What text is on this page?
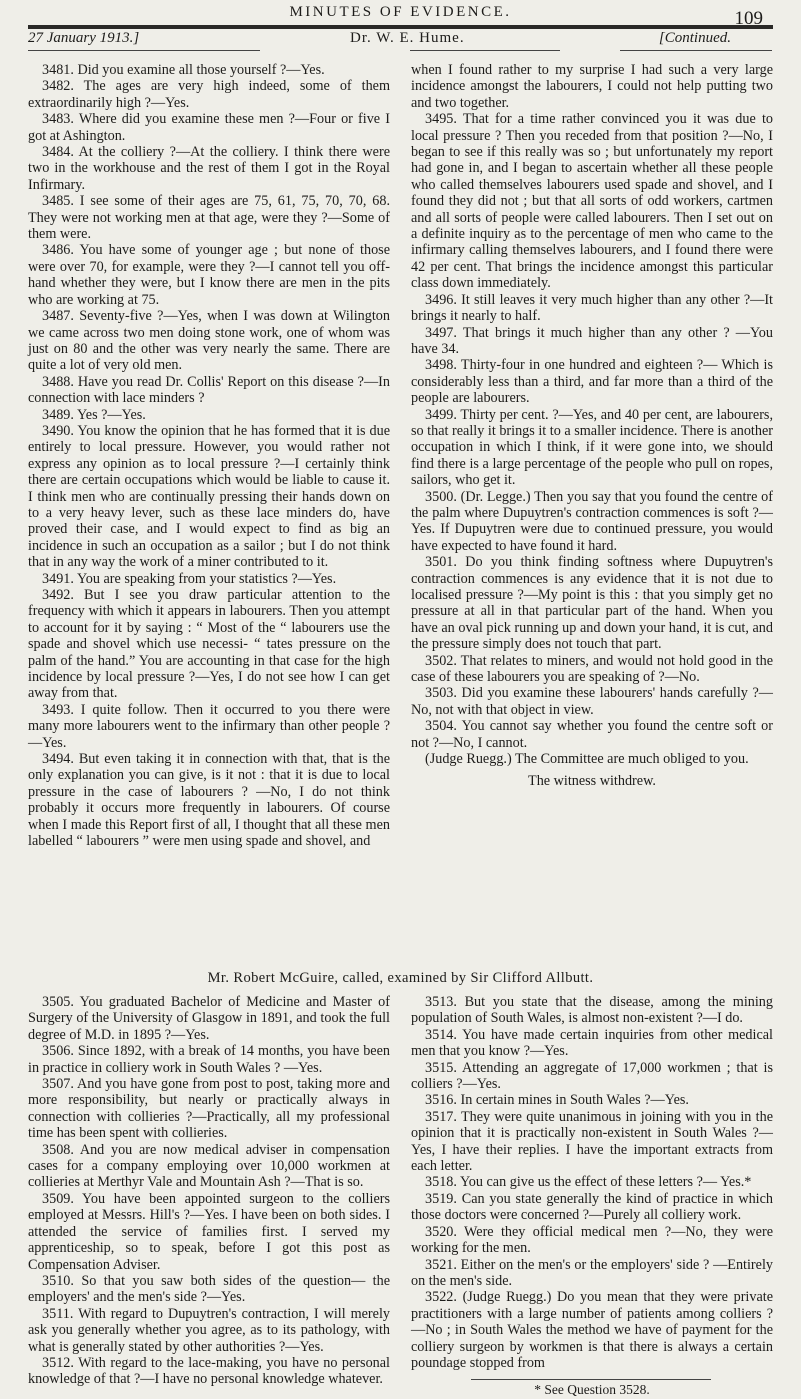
MINUTES OF EVIDENCE.	109
27 January 1913.]	Dr. W. E. Hume.	[Continued.

3481. Did you examine all those yourself ?—Yes.

3482. The ages are very high indeed, some of them extraordinarily high ?—Yes.

3483. Where did you examine these men ?—Four or five I got at Ashington.

3484. At the colliery ?—At the colliery. I think there were two in the workhouse and the rest of them I got in the Royal Infirmary.

3485. I see some of their ages are 75, 61, 75, 70, 70, 68. They were not working men at that age, were they ?—Some of them were.

3486. You have some of younger age ; but none of those were over 70, for example, were they ?—I cannot tell you off-hand whether they were, but I know there are men in the pits who are working at 75.

3487. Seventy-five ?—Yes, when I was down at Wilington we came across two men doing stone work, one of whom was just on 80 and the other was very nearly the same. There are quite a lot of very old men.

3488. Have you read Dr. Collis' Report on this disease ?—In connection with lace minders ?

3489. Yes ?—Yes.

3490. You know the opinion that he has formed that it is due entirely to local pressure. However, you would rather not express any opinion as to local pressure ?—I certainly think there are certain occupations which would be liable to cause it. I think men who are continually pressing their hands down on to a very heavy lever, such as these lace minders do, have proved their case, and I would expect to find as big an incidence in such an occupation as a sailor ; but I do not think that in any way the work of a miner contributed to it.

3491. You are speaking from your statistics ?—Yes.

3492. But I see you draw particular attention to the frequency with which it appears in labourers. Then you attempt to account for it by saying : “ Most of the “ labourers use the spade and shovel which use necessi- “ tates pressure on the palm of the hand.” You are accounting in that case for the high incidence by local pressure ?—Yes, I do not see how I can get away from that.

3493. I quite follow. Then it occurred to you there were many more labourers went to the infirmary than other people ?—Yes.

3494. But even taking it in connection with that, that is the only explanation you can give, is it not : that it is due to local pressure in the case of labourers ? —No, I do not think probably it occurs more frequently in labourers. Of course when I made this Report first of all, I thought that all these men labelled “ labourers ” were men using spade and shovel, and

when I found rather to my surprise I had such a very large incidence amongst the labourers, I could not help putting two and two together.

3495. That for a time rather convinced you it was due to local pressure ? Then you receded from that position ?—No, I began to see if this really was so ; but unfortunately my report had gone in, and I began to ascertain whether all these people who called themselves labourers used spade and shovel, and I found they did not ; but that all sorts of odd workers, cartmen and all sorts of people were called labourers. Then I set out on a definite inquiry as to the percentage of men who came to the infirmary calling themselves labourers, and I found there were 42 per cent. That brings the incidence amongst this particular class down immediately.

3496. It still leaves it very much higher than any other ?—It brings it nearly to half.

3497. That brings it much higher than any other ? —You have 34.

3498. Thirty-four in one hundred and eighteen ?— Which is considerably less than a third, and far more than a third of the people are labourers.

3499. Thirty per cent. ?—Yes, and 40 per cent, are labourers, so that really it brings it to a smaller incidence. There is another occupation in which I think, if it were gone into, we should find there is a large percentage of the people who pull on ropes, sailors, who get it.

3500. (Dr. Legge.) Then you say that you found the centre of the palm where Dupuytren's contraction commences is soft ?—Yes. If Dupuytren were due to continued pressure, you would have expected to have found it hard.

3501. Do you think finding softness where Dupuytren's contraction commences is any evidence that it is not due to localised pressure ?—My point is this : that you simply get no pressure at all in that particular part of the hand. When you have an oval pick running up and down your hand, it is cut, and the pressure simply does not touch that part.

3502. That relates to miners, and would not hold good in the case of these labourers you are speaking of ?—No.

3503. Did you examine these labourers' hands carefully ?—No, not with that object in view.

3504. You cannot say whether you found the centre soft or not ?—No, I cannot.

(Judge Ruegg.) The Committee are much obliged to you.

The witness withdrew.

Mr. Robert McGuire, called, examined by Sir Clifford Allbutt.

3505. You graduated Bachelor of Medicine and Master of Surgery of the University of Glasgow in 1891, and took the full degree of M.D. in 1895 ?—Yes.

3506. Since 1892, with a break of 14 months, you have been in practice in colliery work in South Wales ? —Yes.

3507. And you have gone from post to post, taking more and more responsibility, but nearly or practically always in connection with collieries ?—Practically, all my professional time has been spent with collieries.

3508. And you are now medical adviser in compensation cases for a company employing over 10,000 workmen at collieries at Merthyr Vale and Mountain Ash ?—That is so.

3509. You have been appointed surgeon to the colliers employed at Messrs. Hill's ?—Yes. I have been on both sides. I attended the service of families first. I served my apprenticeship, so to speak, before I got this post as Compensation Adviser.

3510. So that you saw both sides of the question— the employers' and the men's side ?—Yes.

3511. With regard to Dupuytren's contraction, I will merely ask you generally whether you agree, as to its pathology, with what is generally stated by other authorities ?—Yes.

3512. With regard to the lace-making, you have no personal knowledge of that ?—I have no personal knowledge whatever.

3513. But you state that the disease, among the mining population of South Wales, is almost non-existent ?—I do.

3514. You have made certain inquiries from other medical men that you know ?—Yes.

3515. Attending an aggregate of 17,000 workmen ; that is colliers ?—Yes.

3516. In certain mines in South Wales ?—Yes.

3517. They were quite unanimous in joining with you in the opinion that it is practically non-existent in South Wales ?—Yes, I have their replies. I have the important extracts from each letter.

3518. You can give us the effect of these letters ?— Yes.*

3519. Can you state generally the kind of practice in which those doctors were concerned ?—Purely all colliery work.

3520. Were they official medical men ?—No, they were working for the men.

3521. Either on the men's or the employers' side ? —Entirely on the men's side.

3522. (Judge Ruegg.) Do you mean that they were private practitioners with a large number of patients among colliers ?—No ; in South Wales the method we have of payment for the colliery surgeon by workmen is that there is always a certain poundage stopped from

* See Question 3528.
